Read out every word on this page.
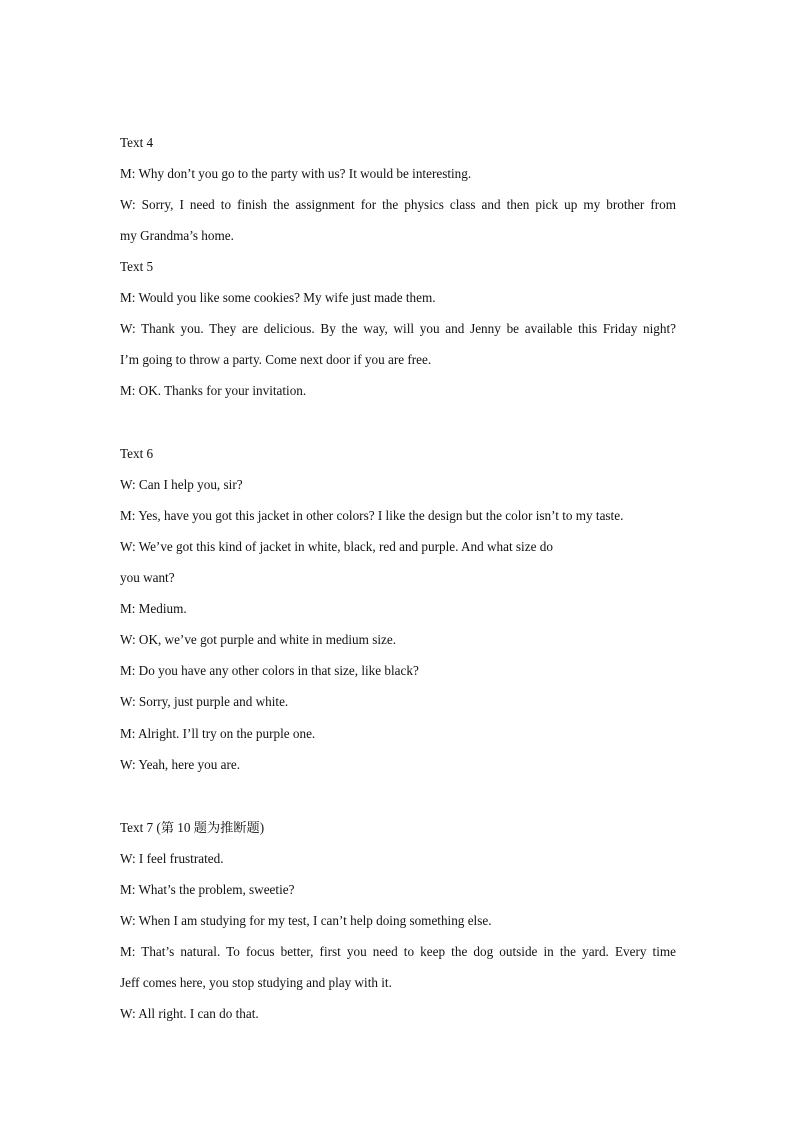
Text 4
M: Why don’t you go to the party with us? It would be interesting.
W: Sorry, I need to finish the assignment for the physics class and then pick up my brother from
my Grandma’s home.
Text 5
M: Would you like some cookies? My wife just made them.
W: Thank you. They are delicious. By the way, will you and Jenny be available this Friday night?
I’m going to throw a party. Come next door if you are free.
M: OK. Thanks for your invitation.
Text 6
W: Can I help you, sir?
M: Yes, have you got this jacket in other colors? I like the design but the color isn’t to my taste.
W: We’ve got this kind of jacket in white, black, red and purple. And what size do
you want?
M: Medium.
W: OK, we’ve got purple and white in medium size.
M: Do you have any other colors in that size, like black?
W: Sorry, just purple and white.
M: Alright. I’ll try on the purple one.
W: Yeah, here you are.
Text 7 (第 10 题为推断题)
W: I feel frustrated.
M: What’s the problem, sweetie?
W: When I am studying for my test, I can’t help doing something else.
M: That’s natural. To focus better, first you need to keep the dog outside in the yard. Every time
Jeff comes here, you stop studying and play with it.
W: All right. I can do that.
